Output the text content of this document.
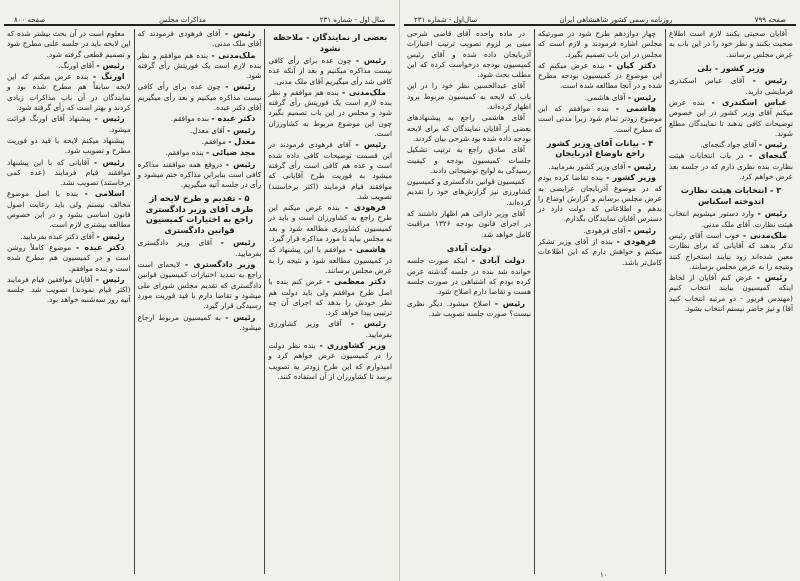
سال اول - شماره ۲۳۱
مذاکرات مجلس
صفحه ۸۰۰
بعضی از نمایندگان - ملاحظه نشود
رئیس - چون عده برای رأی کافی نیست مذاکره میکنیم و بعد از آنکه عده کافی شد رأی میگیریم آقای ملک مدنی.
ملک‌مدنی - بنده هم موافقم و نظر بنده لازم است یک فوریتش رأی گرفته شود و مجلس در این باب تصمیم بگیرد چون این موضوع مربوط به کشاورزان است.
رئیس - آقای فرهودی فرمودند در این قسمت توضیحات کافی داده شده است و عده هم کافی است رأی گرفته میشود به فوریت طرح آقایانی که موافقند قیام فرمایند (اکثر برخاستند) تصویب شد.
فرهودی - بنده عرض میکنم این طرح راجع به کشاورزان است و باید در کمیسیون کشاورزی مطالعه شود و بعد به مجلس بیاید تا مورد مذاکره قرار گیرد.
هاشمی - موافقم با این پیشنهاد که در کمیسیون مطالعه شود و نتیجه را به عرض مجلس برسانند.
دکتر معظمی - عرض کنم بنده با اصل طرح موافقم ولی باید دولت هم نظر خودش را بدهد که اجرای آن چه ترتیبی پیدا خواهد کرد.
رئیس - آقای وزیر کشاورزی بفرمایید.
وزیر کشاورزی - بنده نظر دولت را در کمیسیون عرض خواهم کرد و امیدوارم که این طرح زودتر به تصویب برسد تا کشاورزان از آن استفاده کنند.
رئیس - آقای فرهودی فرمودند که آقای ملک مدنی.
ملک‌مدنی - بنده هم موافقم و نظر بنده لازم است یک فوریتش رأی گرفته شود.
رئیس - چون عده برای رأی کافی نیست مذاکره میکنیم و بعد رأی میگیریم آقای دکتر عبده.
دکتر عبده - بنده موافقم.
رئیس - آقای معدل.
معدل - موافقم.
مجد ضیائی - بنده موافقم.
رئیس - دروقع همه موافقند مذاکره کافی است بنابراین مذاکره ختم میشود و رأی در جلسه آتیه میگیریم.
۵ - تقدیم و طرح لایحه از طرف آقای وزیر دادگستری راجع به اختیارات کمیسیون قوانین دادگستری
رئیس - آقای وزیر دادگستری بفرمایید.
وزیر دادگستری - لایحه‌ای است راجع به تمدید اختیارات کمیسیون قوانین دادگستری که تقدیم مجلس شورای ملی میشود و تقاضا دارم با قید فوریت مورد رسیدگی قرار گیرد.
رئیس - به کمیسیون مربوط ارجاع میشود.
معلوم است در آن بحث بیشتر شده که این لایحه باید در جلسه علنی مطرح شود و تصمیم قطعی گرفته شود.
رئیس - آقای اورنگ.
اورنگ - بنده عرض میکنم که این لایحه سابقاً هم مطرح شده بود و نمایندگان در آن باب مذاکرات زیادی کردند و بهتر است که رأی گرفته شود.
رئیس - پیشنهاد آقای اورنگ قرائت میشود.
پیشنهاد میکنم لایحه با قید دو فوریت مطرح و تصویب شود.
رئیس - آقایانی که با این پیشنهاد موافقند قیام فرمایند (عده کمی برخاستند) تصویب نشد.
اسلامی - بنده با اصل موضوع مخالف نیستم ولی باید رعایت اصول قانون اساسی بشود و در این خصوص مطالعه بیشتری لازم است.
رئیس - آقای دکتر عبده بفرمایید.
دکتر عبده - موضوع کاملاً روشن است و در کمیسیون هم مطرح شده است و بنده موافقم.
رئیس - آقایان موافقین قیام فرمایند (اکثر قیام نمودند) تصویب شد. جلسه آتیه روز سه‌شنبه خواهد بود.
صفحه ۷۹۹
روزنامه رسمی کشور شاهنشاهی ایران
سال‌اول - شماره ۲۳۱
آقایان صحبتی بکنند لازم است اطلاع صحبت بکنند و نظر خود را در این باب به عرض مجلس برسانند.
وزیر کشور - بلی
رئیس - آقای عباس اسکندری فرمایشی دارید.
عباس اسکندری - بنده عرض میکنم آقای وزیر کشور در این خصوص توضیحات کافی بدهند تا نمایندگان مطلع شوند.
رئیس - آقای جواد گنجه‌ای.
گنجه‌ای - در باب انتخابات هیئت نظارت بنده نظری دارم که در جلسه بعد عرض خواهم کرد.
۳ - انتخابات هیئت نظارت اندوخته اسکناس
رئیس - وارد دستور میشویم انتخاب هیئت نظارت. آقای ملک مدنی.
ملک‌مدنی - خوب است آقای رئیس تذکر بدهند که آقایانی که برای نظارت معین شده‌اند زود بیایند استخراج کنند ونتیجه را به عرض مجلس برسانند.
رئیس - عرض کنم آقایان از لحاظ اینکه کمیسیون بیایند انتخاب کنیم (مهندس فریور - دو مرتبه انتخاب کنید آقا) و نیز حاضر نیستم انتخاب بشود.
چهار دوازدهم طرح شود در صورتیکه مجلس اشاره فرمودند و لازم است که مجلس در این باب تصمیم بگیرد.
دکتر کیان - بنده عرض میکنم که این موضوع در کمیسیون بودجه مطرح شده و در آنجا مطالعه شده است.
رئیس - آقای هاشمی.
هاشمی - بنده موافقم که این موضوع زودتر تمام شود زیرا مدتی است که مطرح است.
۴ - بیانات آقای وزیر کشور راجع باوضاع آذربایجان
رئیس - آقای وزیر کشور بفرمایید.
وزیر کشور - بنده تقاضا کرده بودم که در موضوع آذربایجان عرایضی به عرض مجلس برسانم و گزارش اوضاع را بدهم و اطلاعاتی که دولت دارد در دسترس آقایان نمایندگان بگذارم.
رئیس - آقای فرهودی.
فرهودی - بنده از آقای وزیر تشکر میکنم و خواهش دارم که این اطلاعات کامل‌تر باشد.
در ماده واحده آقای قاضی شرحی مبنی بر لزوم تصویب ترتیب اعتبارات آذربایجان داده شده و آقای رئیس کمیسیون بودجه درخواست کرده که این مطلب بحث شود.
آقای عبدالحسین نظر خود را در این باب که لایحه به کمیسیون مربوط برود اظهار کرده‌اند.
آقای هاشمی راجع به پیشنهادهای بعضی از آقایان نمایندگان که برای لایحه بودجه داده شده بود شرحی بیان کردند.
آقای صادق راجع به ترتیب تشکیل جلسات کمیسیون بودجه و کیفیت رسیدگی به لوایح توضیحاتی دادند.
کمیسیون قوانین دادگستری و کمیسیون کشاورزی نیز گزارش‌های خود را تقدیم کرده‌اند.
آقای وزیر دارائی هم اظهار داشتند که در اجرای قانون بودجه ۱۳۲۶ مراقبت کامل خواهد شد.
دولت آبادی
دولت آبادی - اینکه صورت جلسه خوانده شد بنده در جلسه گذشته عرض کرده بودم که اشتباهی در صورت جلسه هست و تقاضا دارم اصلاح شود.
رئیس - اصلاح میشود. دیگر نظری نیست؟ صورت جلسه تصویب شد.
۱۰
